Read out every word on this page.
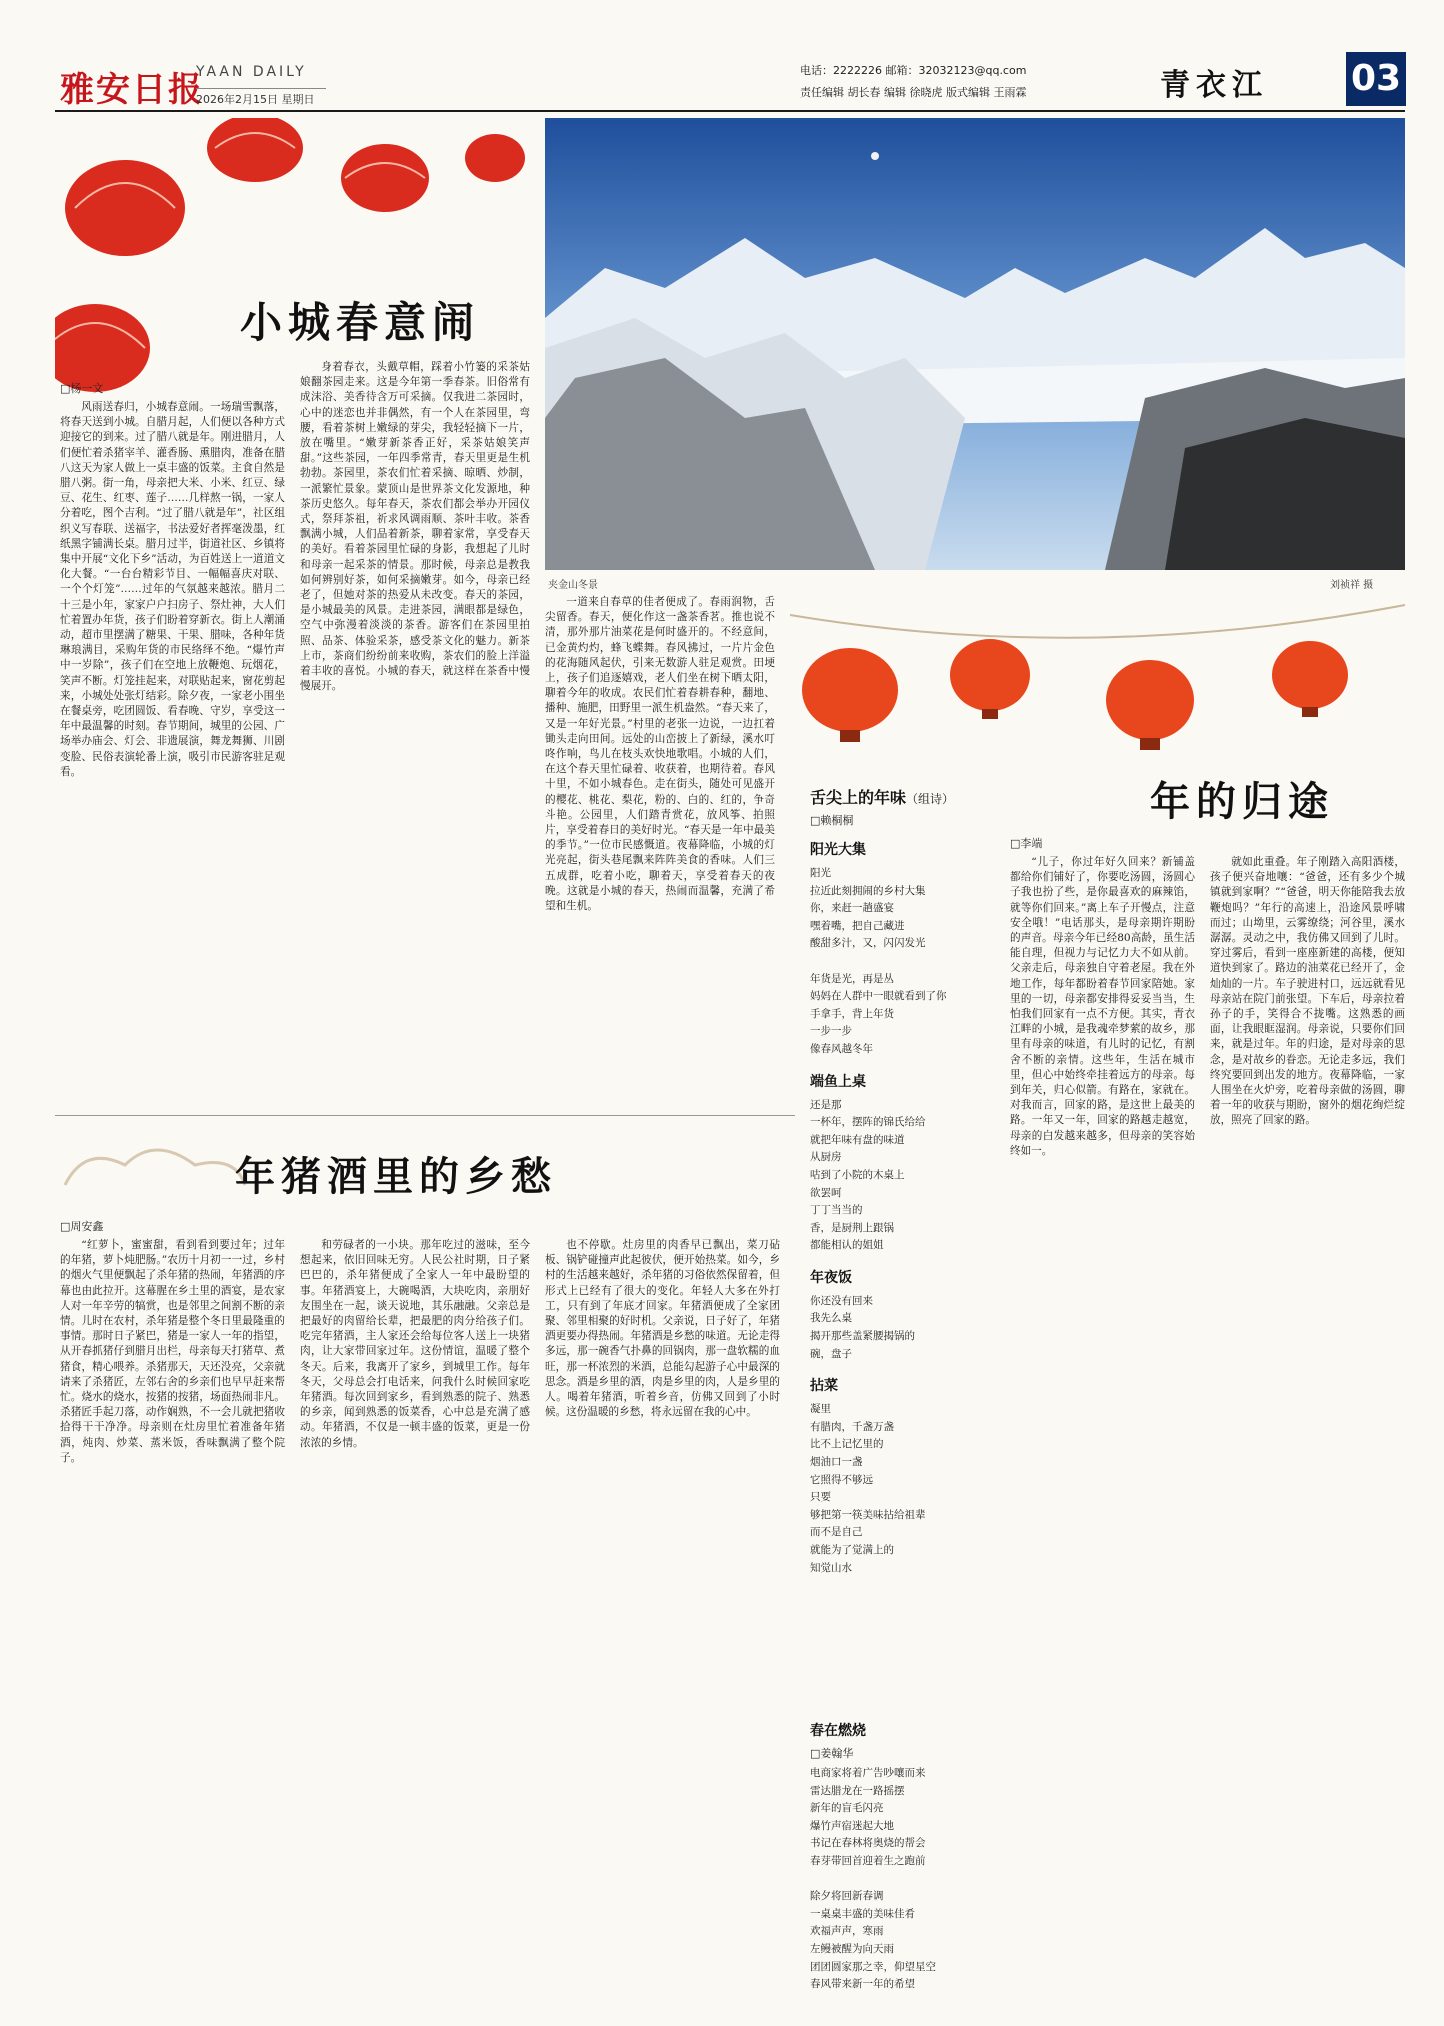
雅安日报
YAAN DAILY
2026年2月15日 星期日
电话：2222226 邮箱：32032123@qq.com
责任编辑 胡长春 编辑 徐晓虎 版式编辑 王雨霖	青衣江 03
小城春意闹
□杨一文
夹金山冬景	刘祯祥 摄

风雨送春归，小城春意闹。一场瑞雪飘落，将春天送到小城。自腊月起，人们便以各种方式迎接它的到来。过了腊八就是年。刚进腊月，人们便忙着杀猪宰羊、灌香肠、熏腊肉，准备在腊八这天为家人做上一桌丰盛的饭菜。主食自然是腊八粥。街一角，母亲把大米、小米、红豆、绿豆、花生、红枣、莲子……几样熬一锅，一家人分着吃，图个吉利。“过了腊八就是年”，社区组织义写春联、送福字，书法爱好者挥毫泼墨，红纸黑字铺满长桌。腊月过半，街道社区、乡镇将集中开展“文化下乡”活动，为百姓送上一道道文化大餐。“一台台精彩节目、一幅幅喜庆对联、一个个灯笼”……过年的气氛越来越浓。腊月二十三是小年，家家户户扫房子、祭灶神，大人们忙着置办年货，孩子们盼着穿新衣。街上人潮涌动，超市里摆满了糖果、干果、腊味，各种年货琳琅满目，采购年货的市民络绎不绝。“爆竹声中一岁除”，孩子们在空地上放鞭炮、玩烟花，笑声不断。灯笼挂起来，对联贴起来，窗花剪起来，小城处处张灯结彩。除夕夜，一家老小围坐在餐桌旁，吃团圆饭、看春晚、守岁，享受这一年中最温馨的时刻。春节期间，城里的公园、广场举办庙会、灯会、非遗展演，舞龙舞狮、川剧变脸、民俗表演轮番上演，吸引市民游客驻足观看。

身着春衣，头戴草帽，踩着小竹篓的采茶姑娘翻茶园走来。这是今年第一季春茶。旧俗常有成沫浴、美香待含万可采摘。仅我进二茶园时，心中的迷恋也并非偶然，有一个人在茶园里，弯腰，看着茶树上嫩绿的芽尖，我轻轻摘下一片，放在嘴里。“嫩芽新茶香正好，采茶姑娘笑声甜。”这些茶园，一年四季常青，春天里更是生机勃勃。茶园里，茶农们忙着采摘、晾晒、炒制，一派繁忙景象。蒙顶山是世界茶文化发源地，种茶历史悠久。每年春天，茶农们都会举办开园仪式，祭拜茶祖，祈求风调雨顺、茶叶丰收。茶香飘满小城，人们品着新茶，聊着家常，享受春天的美好。看着茶园里忙碌的身影，我想起了儿时和母亲一起采茶的情景。那时候，母亲总是教我如何辨别好茶，如何采摘嫩芽。如今，母亲已经老了，但她对茶的热爱从未改变。春天的茶园，是小城最美的风景。走进茶园，满眼都是绿色，空气中弥漫着淡淡的茶香。游客们在茶园里拍照、品茶、体验采茶，感受茶文化的魅力。新茶上市，茶商们纷纷前来收购，茶农们的脸上洋溢着丰收的喜悦。小城的春天，就这样在茶香中慢慢展开。

一道来自春草的佳者便成了。春雨润物，舌尖留香。春天，便化作这一盏茶香茗。推也说不清，那外那片油菜花是何时盛开的。不经意间，已金黄灼灼，蜂飞蝶舞。春风拂过，一片片金色的花海随风起伏，引来无数游人驻足观赏。田埂上，孩子们追逐嬉戏，老人们坐在树下晒太阳，聊着今年的收成。农民们忙着春耕春种，翻地、播种、施肥，田野里一派生机盎然。“春天来了，又是一年好光景。”村里的老张一边说，一边扛着锄头走向田间。远处的山峦披上了新绿，溪水叮咚作响，鸟儿在枝头欢快地歌唱。小城的人们，在这个春天里忙碌着、收获着，也期待着。春风十里，不如小城春色。走在街头，随处可见盛开的樱花、桃花、梨花，粉的、白的、红的，争奇斗艳。公园里，人们踏青赏花，放风筝、拍照片，享受着春日的美好时光。“春天是一年中最美的季节。”一位市民感慨道。夜幕降临，小城的灯光亮起，街头巷尾飘来阵阵美食的香味。人们三五成群，吃着小吃，聊着天，享受着春天的夜晚。这就是小城的春天，热闹而温馨，充满了希望和生机。

舌尖上的年味（组诗）
□赖桐桐
阳光大集
阳光
拉近此刻拥闹的乡村大集
你，来赶一趟盛宴
嘿着嘴，把自己藏进
酸甜多汁，又，闪闪发光

年货是光，再是丛
妈妈在人群中一眼就看到了你
手拿手，背上年货
一步一步
像春风越冬年
端鱼上桌
还是那
一杯年，摆阵的锦氏给给
就把年味有盘的味道
从厨房
咕到了小院的木桌上
欲罢呵
丁丁当当的
香，是厨荆上跟锅
都能相认的姐姐
年夜饭
你还没有回来
我先么桌
揭开那些盖紧腰揭锅的
碗，盘子
拈菜
凝里
有腊肉，千盏万盏
比不上记忆里的
烟油口一盏
它照得不够远
只要
够把第一筷美味拈给祖辈
而不是自己
就能为了觉满上的
知觉山水
春在燃烧
□姜翰华
电商家将着广告吵嚷而来
雷达腊龙在一路摇摆
新年的盲毛闪亮
爆竹声宿迷起大地
书记在春林将奥烧的帮会
春芽带回首迎着生之跑前

除夕将回新春调
一桌桌丰盛的美味佳肴
欢福声声，寒雨
左鳗被醒为向天雨
团团圆家那之幸，仰望星空
春风带来新一年的希望
年的归途
□李端

“儿子，你过年好久回来？新铺盖都给你们铺好了，你要吃汤圆，汤圆心子我也扮了些，是你最喜欢的麻辣馅，就等你们回来。”离上车子开慢点，注意安全哦！”电话那头，是母亲期许期盼的声音。母亲今年已经80高龄，虽生活能自理，但视力与记忆力大不如从前。父亲走后，母亲独自守着老屋。我在外地工作，每年都盼着春节回家陪她。家里的一切，母亲都安排得妥妥当当，生怕我们回家有一点不方便。其实，青衣江畔的小城，是我魂牵梦萦的故乡，那里有母亲的味道，有儿时的记忆，有割舍不断的亲情。这些年，生活在城市里，但心中始终牵挂着远方的母亲。每到年关，归心似箭。有路在，家就在。对我而言，回家的路，是这世上最美的路。一年又一年，回家的路越走越宽，母亲的白发越来越多，但母亲的笑容始终如一。

就如此重叠。年子刚踏入高阳酒楼，孩子便兴奋地嚷：“爸爸，还有多少个城镇就到家啊？”“爸爸，明天你能陪我去放鞭炮吗？”年行的高速上，沿途风景呼啸而过；山坳里，云雾缭绕；河谷里，溪水潺潺。灵动之中，我仿佛又回到了儿时。穿过雾后，看到一座座新建的高楼，便知道快到家了。路边的油菜花已经开了，金灿灿的一片。车子驶进村口，远远就看见母亲站在院门前张望。下车后，母亲拉着孙子的手，笑得合不拢嘴。这熟悉的画面，让我眼眶湿润。母亲说，只要你们回来，就是过年。年的归途，是对母亲的思念，是对故乡的眷恋。无论走多远，我们终究要回到出发的地方。夜幕降临，一家人围坐在火炉旁，吃着母亲做的汤圆，聊着一年的收获与期盼，窗外的烟花绚烂绽放，照亮了回家的路。

年猪酒里的乡愁
□周安鑫

“红萝卜，蜜蜜甜，看到看到要过年；过年的年猪，萝卜炖肥肠。”农历十月初一一过，乡村的烟火气里便飘起了杀年猪的热闹，年猪酒的序幕也由此拉开。这幕腥在乡土里的酒宴，是农家人对一年辛劳的犒赏，也是邻里之间割不断的亲情。儿时在农村，杀年猪是整个冬日里最隆重的事情。那时日子紧巴，猪是一家人一年的指望，从开春抓猪仔到腊月出栏，母亲每天打猪草、煮猪食，精心喂养。杀猪那天，天还没亮，父亲就请来了杀猪匠，左邻右舍的乡亲们也早早赶来帮忙。烧水的烧水，按猪的按猪，场面热闹非凡。杀猪匠手起刀落，动作娴熟，不一会儿就把猪收拾得干干净净。母亲则在灶房里忙着准备年猪酒，炖肉、炒菜、蒸米饭，香味飘满了整个院子。

和劳碌者的一小块。那年吃过的滋味，至今想起来，依旧回味无穷。人民公社时期，日子紧巴巴的，杀年猪便成了全家人一年中最盼望的事。年猪酒宴上，大碗喝酒，大块吃肉，亲朋好友围坐在一起，谈天说地，其乐融融。父亲总是把最好的肉留给长辈，把最肥的肉分给孩子们。吃完年猪酒，主人家还会给每位客人送上一块猪肉，让大家带回家过年。这份情谊，温暖了整个冬天。后来，我离开了家乡，到城里工作。每年冬天，父母总会打电话来，问我什么时候回家吃年猪酒。每次回到家乡，看到熟悉的院子、熟悉的乡亲，闻到熟悉的饭菜香，心中总是充满了感动。年猪酒，不仅是一顿丰盛的饭菜，更是一份浓浓的乡情。

也不停歇。灶房里的肉香早已飘出，菜刀砧板、锅铲碰撞声此起彼伏，便开始热菜。如今，乡村的生活越来越好，杀年猪的习俗依然保留着，但形式上已经有了很大的变化。年轻人大多在外打工，只有到了年底才回家。年猪酒便成了全家团聚、邻里相聚的好时机。父亲说，日子好了，年猪酒更要办得热闹。年猪酒是乡愁的味道。无论走得多远，那一碗香气扑鼻的回锅肉，那一盘软糯的血旺，那一杯浓烈的米酒，总能勾起游子心中最深的思念。酒是乡里的酒，肉是乡里的肉，人是乡里的人。喝着年猪酒，听着乡音，仿佛又回到了小时候。这份温暖的乡愁，将永远留在我的心中。
